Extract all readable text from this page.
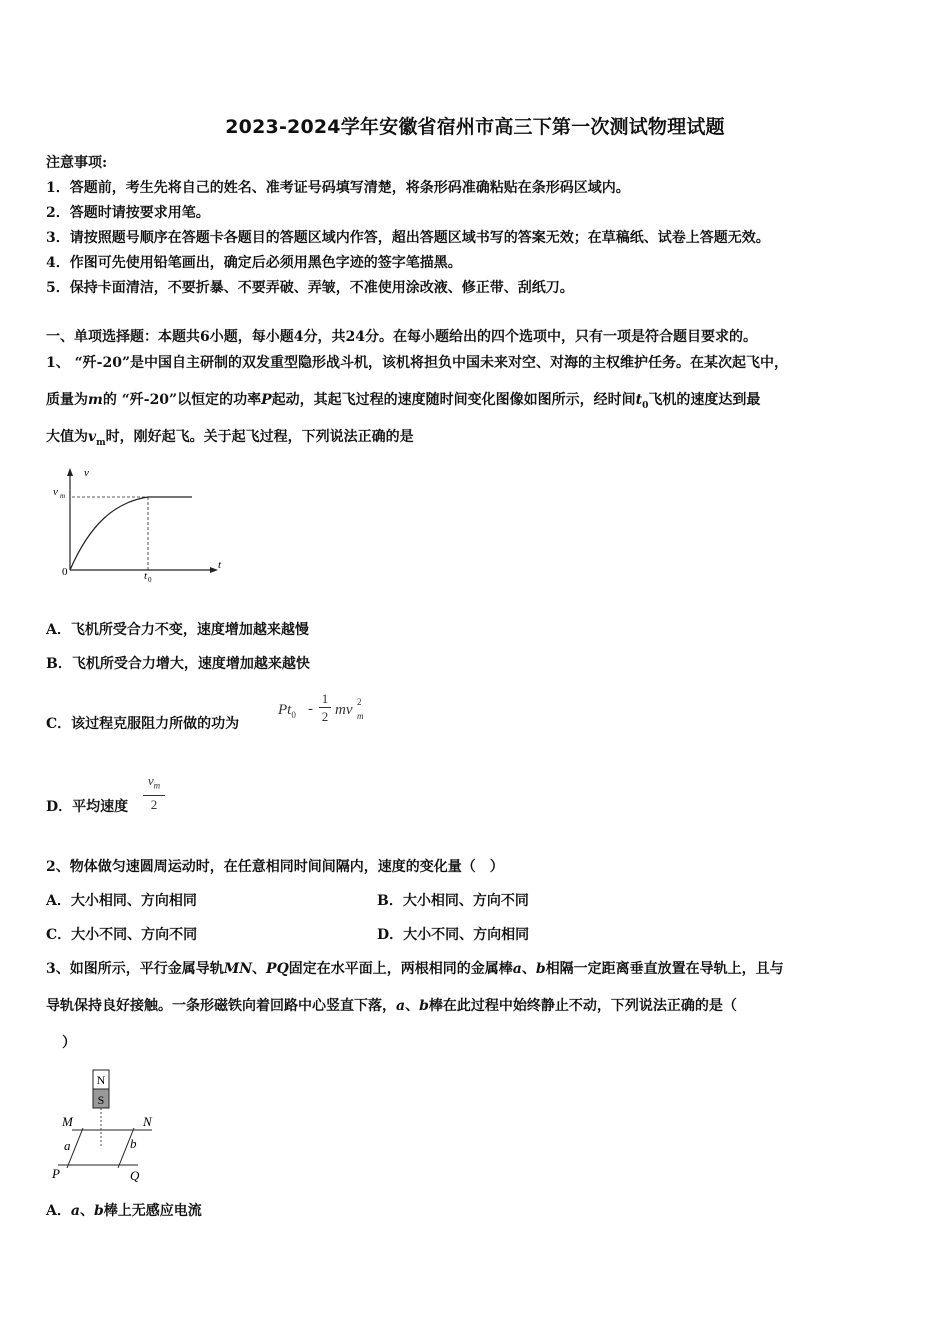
2023-2024学年安徽省宿州市高三下第一次测试物理试题
注意事项:
1．答题前，考生先将自己的姓名、准考证号码填写清楚，将条形码准确粘贴在条形码区域内。
2．答题时请按要求用笔。
3．请按照题号顺序在答题卡各题目的答题区域内作答，超出答题区域书写的答案无效；在草稿纸、试卷上答题无效。
4．作图可先使用铅笔画出，确定后必须用黑色字迹的签字笔描黑。
5．保持卡面清洁，不要折暴、不要弄破、弄皱，不准使用涂改液、修正带、刮纸刀。
一、单项选择题：本题共6小题，每小题4分，共24分。在每小题给出的四个选项中，只有一项是符合题目要求的。
1、 “歼-20”是中国自主研制的双发重型隐形战斗机，该机将担负中国未来对空、对海的主权维护任务。在某次起飞中，
质量为m的 “歼-20”以恒定的功率P起动，其起飞过程的速度随时间变化图像如图所示，经时间$t_0$飞机的速度达到最
大值为$v_m$时，刚好起飞。关于起飞过程，下列说法正确的是
v
v m
0	t 0
t
A．飞机所受合力不变，速度增加越来越慢
B．飞机所受合力增大，速度增加越来越快
C．该过程克服阻力所做的功为
$Pt_0$ -
1
2 mv 2
m
D．平均速度
$v_m$
2
2、物体做匀速圆周运动时，在任意相同时间间隔内，速度的变化量（　）
A．大小相同、方向相同	B．大小相同、方向不同
C．大小不同、方向不同	D．大小不同、方向相同
3、如图所示，平行金属导轨MN、PQ固定在水平面上，两根相同的金属棒a、b相隔一定距离垂直放置在导轨上，且与
导轨保持良好接触。一条形磁铁向着回路中心竖直下落，a、b棒在此过程中始终静止不动，下列说法正确的是（
）
N
S
M	N
a	b
P	Q
A．a、b棒上无感应电流
